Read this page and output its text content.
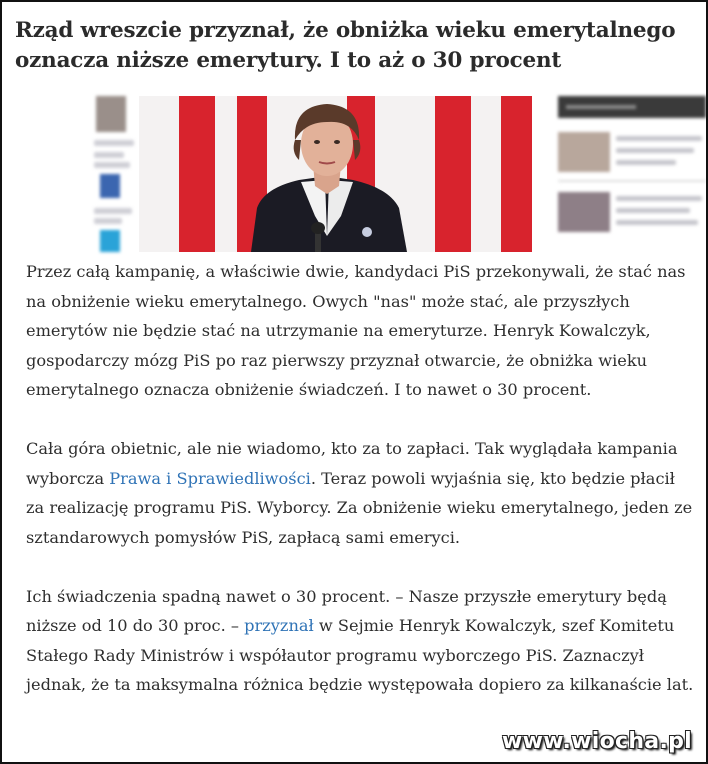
Rząd wreszcie przyznał, że obniżka wieku emerytalnego oznacza niższe emerytury. I to aż o 30 procent

Przez całą kampanię, a właściwie dwie, kandydaci PiS przekonywali, że stać nas na obniżenie wieku emerytalnego. Owych "nas" może stać, ale przyszłych emerytów nie będzie stać na utrzymanie na emeryturze. Henryk Kowalczyk, gospodarczy mózg PiS po raz pierwszy przyznał otwarcie, że obniżka wieku emerytalnego oznacza obniżenie świadczeń. I to nawet o 30 procent.

Cała góra obietnic, ale nie wiadomo, kto za to zapłaci. Tak wyglądała kampania wyborcza Prawa i Sprawiedliwości. Teraz powoli wyjaśnia się, kto będzie płacił za realizację programu PiS. Wyborcy. Za obniżenie wieku emerytalnego, jeden ze sztandarowych pomysłów PiS, zapłacą sami emeryci.

Ich świadczenia spadną nawet o 30 procent. – Nasze przyszłe emerytury będą niższe od 10 do 30 proc. – przyznał w Sejmie Henryk Kowalczyk, szef Komitetu Stałego Rady Ministrów i współautor programu wyborczego PiS. Zaznaczył jednak, że ta maksymalna różnica będzie występowała dopiero za kilkanaście lat.

www.wiocha.pl
